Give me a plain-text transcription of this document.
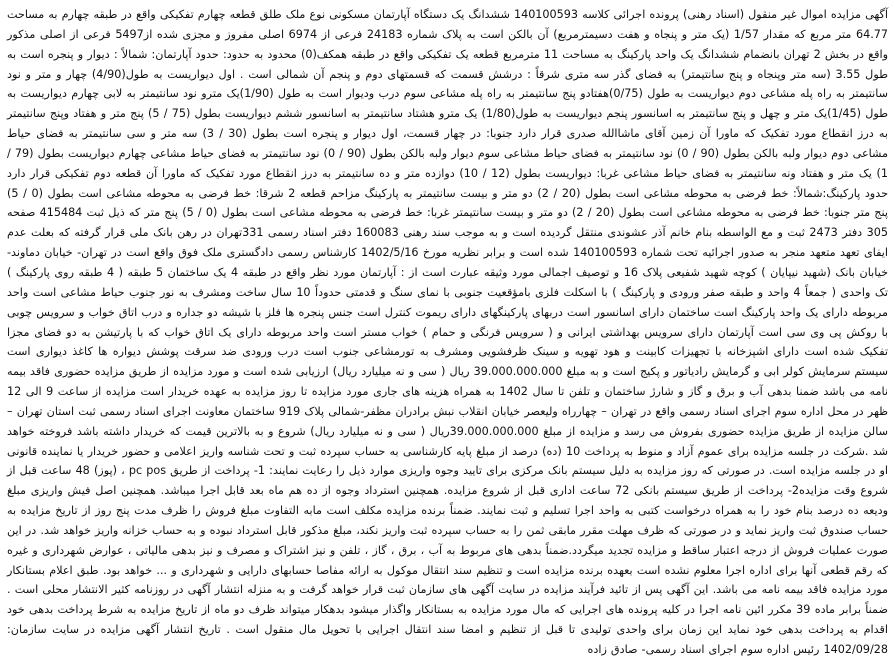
آگهی مزایده اموال غیر منقول (اسناد رهنی) پرونده اجرائی کلاسه 140100593 ششدانگ یک دستگاه آپارتمان مسکونی نوع ملک طلق قطعه چهارم تفکیکی واقع در طبقه چهارم به مساحت 64.77 متر مربع که مقدار 1/57 (یک متر و پنجاه و هفت دسیمترمربع) آن بالکن است به پلاک شماره 24183 فرعی از 6974 اصلی مفروز و مجزی شده از5497 فرعی از اصلی مذکور واقع در بخش 2 تهران بانضمام ششدانگ یک واحد پارکینگ به مساحت 11 مترمربع قطعه یک تفکیکی واقع در طبقه همکف(0) محدود به حدود: حدود آپارتمان: شمالاً : دیوار و پنجره است به طول 3.55 (سه متر وپنجاه و پنج سانتیمتر) به فضای گذر سه متری شرقاً : درشش قسمت که قسمتهای دوم و پنجم آن شمالی است . اول دیواریست به طول(4/90) چهار و متر و نود سانتیمتر به راه پله مشاعی دوم دیواریست به طول (0/75)هفتادو پنج سانتیمتر به راه پله مشاعی سوم درب ودیوار است به طول (1/90)یک مترو نود سانتیمتر به لابی چهارم دیواریست به طول (1/45)یک متر و چهل و پنج سانتیمتر به اسانسور پنجم دیواریست به طول(1/80) یک مترو هشتاد سانتیمتر به اسانسور ششم دیواریست بطول (75 / 5) پنج متر و هفتاد وپنج سانتیمتر به درز انقطاع مورد تفکیک که ماورا آن زمین آقای ماشاالله صدری قرار دارد جنوبا: در چهار قسمت، اول دیوار و پنجره است بطول (30 / 3) سه متر و سی سانتیمتر به فضای حیاط مشاعی دوم دیوار ولبه بالکن بطول (90 / 0) نود سانتیمتر به فضای حیاط مشاعی سوم دیوار ولبه بالکن بطول (90 / 0) نود سانتیمتر به فضای حیاط مشاعی چهارم دیواریست بطول (79 / 1) یک متر و هفتاد ونه سانتیمتر به فضای حیاط مشاعی غربا: دیواریست بطول (12 / 10) دوازده متر و ده سانتیمتر به درز انقطاع مورد تفکیک که ماورا آن قطعه دوم تفکیکی قرار دارد حدود پارکینگ:شمالاً: خط فرضی به محوطه مشاعی است بطول (20 / 2) دو متر و بیست سانتیمتر به پارکینگ مزاحم قطعه 2 شرقا: خط فرضی به محوطه مشاعی است بطول (0 / 5) پنج متر جنوبا: خط فرضی به محوطه مشاعی است بطول (20 / 2) دو متر و بیست سانتیمتر غربا: خط فرضی به محوطه مشاعی است بطول (0 / 5) پنج متر که ذیل ثبت 415484 صفحه 305 دفتر 2473 ثبت و مع الواسطه بنام خانم آذر عشوندی منتقل گردیده است و به موجب سند رهنی 160083 دفتر اسناد رسمی 331تهران در رهن بانک ملی قرار گرفته که بعلت عدم ایفای تعهد متعهد منجر به صدور اجرائیه تحت شماره 140100593 شده است و برابر نظریه مورخ 1402/5/16 کارشناس رسمی دادگستری ملک فوق واقع است در تهران- خیابان دماوند- خیابان بانک (شهید نیپایان ) کوچه شهید شفیعی پلاک 16 و توصیف اجمالی مورد وثیقه عبارت است از : آپارتمان مورد نظر واقع در طبقه 4 یک ساختمان 5 طبقه ( 4 طبقه روی پارکینگ ) تک واحدی ( جمعاً 4 واحد و طبقه صفر ورودی و پارکینگ ) با اسکلت فلزی بامؤقعیت جنوبی با نمای سنگ و قدمتی حدوداً 10 سال ساخت ومشرف به نور جنوب حیاط مشاعی است واحد مربوطه دارای یک واحد پارکینگ است ساختمان دارای اسانسور است دربهای پارکینگهای دارای ریموت کنترل است جنس پنجره ها فلز با شیشه دو جداره و درب اتاق خواب و سرویس چوبی با روکش پی وی سی است آپارتمان دارای سرویس بهداشتی ایرانی و ( سرویس فرنگی و حمام ) خواب مستر است واحد مربوطه دارای یک اتاق خواب که با پارتیشن به دو فضای مجزا تفکیک شده است دارای اشپزخانه با تجهیزات کابینت و هود تهویه و سینک ظرفشویی ومشرف به تورمشاعی جنوب است درب ورودی ضد سرقت پوشش دیواره ها کاغذ دیواری است سیستم سرمایش کولر ابی و گرمایش رادیاتور و پکیج است و به مبلغ 39.000.000.000 ریال ( سی و نه میلیارد ریال) ارزیابی شده است و مورد مزایده از طریق مزایده حضوری فاقد بیمه نامه می باشد ضمنا بدهی آب و برق و گاز و شارژ ساختمان و تلفن تا سال 1402 به همراه هزینه های جاری مورد مزایده تا روز مزایده به عهده خریدار است مزایده از ساعت 9 الی 12 ظهر در محل اداره سوم اجرای اسناد رسمی واقع در تهران – چهارراه ولیعصر خیابان انقلاب نبش برادران مظفر-شمالی پلاک 919 ساختمان معاونت اجرای اسناد رسمی ثبت استان تهران – سالن مزایده از طریق مزایده حضوری بفروش می رسد و مزایده از مبلغ 39.000.000.000ریال ( سی و نه میلیارد ریال) شروع و به بالاترین قیمت که خریدار داشته باشد فروخته خواهد شد .شرکت در جلسه مزایده برای عموم آزاد و منوط به پرداخت 10 (ده) درصد از مبلغ پایه کارشناسی به حساب سپرده ثبت و تحت شناسه واریز اعلامی و حضور خریدار یا نماینده قانونی او در جلسه مزایده است. در صورتی که روز مزایده به دلیل سیستم بانک مرکزی برای تایید وجوه واریزی موارد ذیل را رعایت نمایند: 1- پرداخت از طریق pc pos ، (پوز) 48 ساعت قبل از شروع وقت مزایده2- پرداخت از طریق سیستم بانکی 72 ساعت اداری قبل از شروع مزایده. همچنین استرداد وجوه از ده هم ماه بعد قابل اجرا میباشد. همچنین اصل فیش واریزی مبلغ ودیعه ده درصد بنام خود را به همراه درخواست کتبی به واحد اجرا تسلیم و ثبت نمایند. ضمناً برنده مزایده مکلف است مابه التفاوت مبلغ فروش را ظرف مدت پنج روز از تاریخ مزایده به حساب صندوق ثبت واریز نماید و در صورتی که ظرف مهلت مقرر مابقی ثمن را به حساب سپرده ثبت واریز نکند، مبلغ مذکور قابل استرداد نبوده و به حساب خزانه واریز خواهد شد. در این صورت عملیات فروش از درجه اعتبار ساقط و مزایده تجدید میگردد.ضمناً بدهی های مربوط به آب ، برق ، گاز ، تلفن و نیز اشتراک و مصرف و نیز بدهی مالیاتی ، عوارض شهرداری و غیره که رقم قطعی آنها برای اداره اجرا معلوم نشده است بعهده برنده مزایده است و تنظیم سند انتقال موکول به ارائه مفاصا حسابهای دارایی و شهرداری و ... خواهد بود. طبق اعلام بستانکار مورد مزایده فاقد بیمه نامه می باشد. این آگهی پس از تائید فرآیند مزایده در سایت آگهی های سازمان ثبت قرار خواهد گرفت و به منزله انتشار آگهی در روزنامه کثیر الانتشار محلی است . ضمناً برابر ماده 39 مکرر ائین نامه اجرا در کلیه پرونده های اجرایی که مال مورد مزایده به بستانکار واگذار میشود بدهکار میتواند ظرف دو ماه از تاریخ مزایده به شرط پرداخت بدهی خود اقدام به پرداخت بدهی خود نماید این زمان برای واحدی تولیدی تا قبل از تنظیم و امضا سند انتقال اجرایی با تحویل مال منقول است . تاریخ انتشار آگهی مزایده در سایت سازمان: 1402/09/28 رئیس اداره سوم اجرای اسناد رسمی- صادق زاده
